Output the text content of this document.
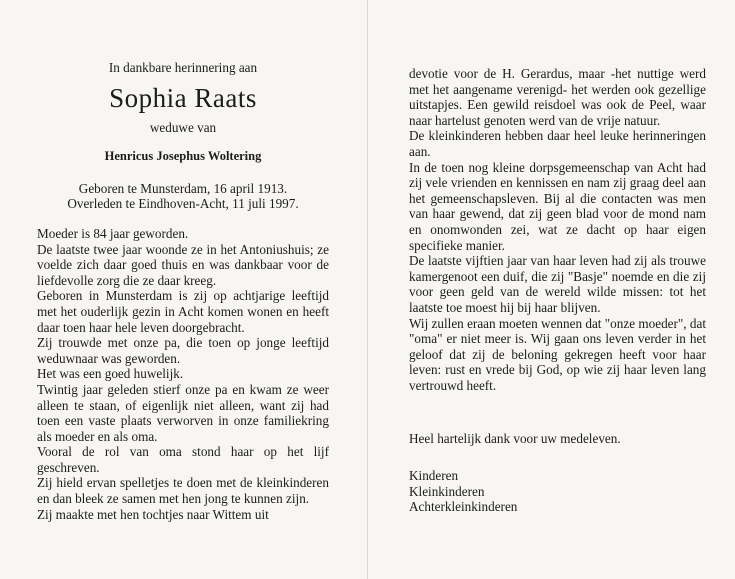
In dankbare herinnering aan
Sophia Raats
weduwe van
Henricus Josephus Woltering
Geboren te Munsterdam, 16 april 1913.
Overleden te Eindhoven-Acht, 11 juli 1997.

Moeder is 84 jaar geworden.

De laatste twee jaar woonde ze in het Antoniushuis; ze voelde zich daar goed thuis en was dankbaar voor de liefdevolle zorg die ze daar kreeg.

Geboren in Munsterdam is zij op achtjarige leeftijd met het ouderlijk gezin in Acht komen wonen en heeft daar toen haar hele leven doorgebracht.

Zij trouwde met onze pa, die toen op jonge leeftijd weduwnaar was geworden.

Het was een goed huwelijk.

Twintig jaar geleden stierf onze pa en kwam ze weer alleen te staan, of eigenlijk niet alleen, want zij had toen een vaste plaats verworven in onze familiekring als moeder en als oma.

Vooral de rol van oma stond haar op het lijf geschreven.

Zij hield ervan spelletjes te doen met de kleinkinderen en dan bleek ze samen met hen jong te kunnen zijn.

Zij maakte met hen tochtjes naar Wittem uit

devotie voor de H. Gerardus, maar -het nuttige werd met het aangename verenigd- het werden ook gezellige uitstapjes. Een gewild reisdoel was ook de Peel, waar naar hartelust genoten werd van de vrije natuur.

De kleinkinderen hebben daar heel leuke herinneringen aan.

In de toen nog kleine dorpsgemeenschap van Acht had zij vele vrienden en kennissen en nam zij graag deel aan het gemeenschapsleven. Bij al die contacten was men van haar gewend, dat zij geen blad voor de mond nam en onomwonden zei, wat ze dacht op haar eigen specifieke manier.

De laatste vijftien jaar van haar leven had zij als trouwe kamergenoot een duif, die zij "Basje" noemde en die zij voor geen geld van de wereld wilde missen: tot het laatste toe moest hij bij haar blijven.

Wij zullen eraan moeten wennen dat "onze moeder", dat "oma" er niet meer is. Wij gaan ons leven verder in het geloof dat zij de beloning gekregen heeft voor haar leven: rust en vrede bij God, op wie zij haar leven lang vertrouwd heeft.

Heel hartelijk dank voor uw medeleven.

Kinderen

Kleinkinderen

Achterkleinkinderen
